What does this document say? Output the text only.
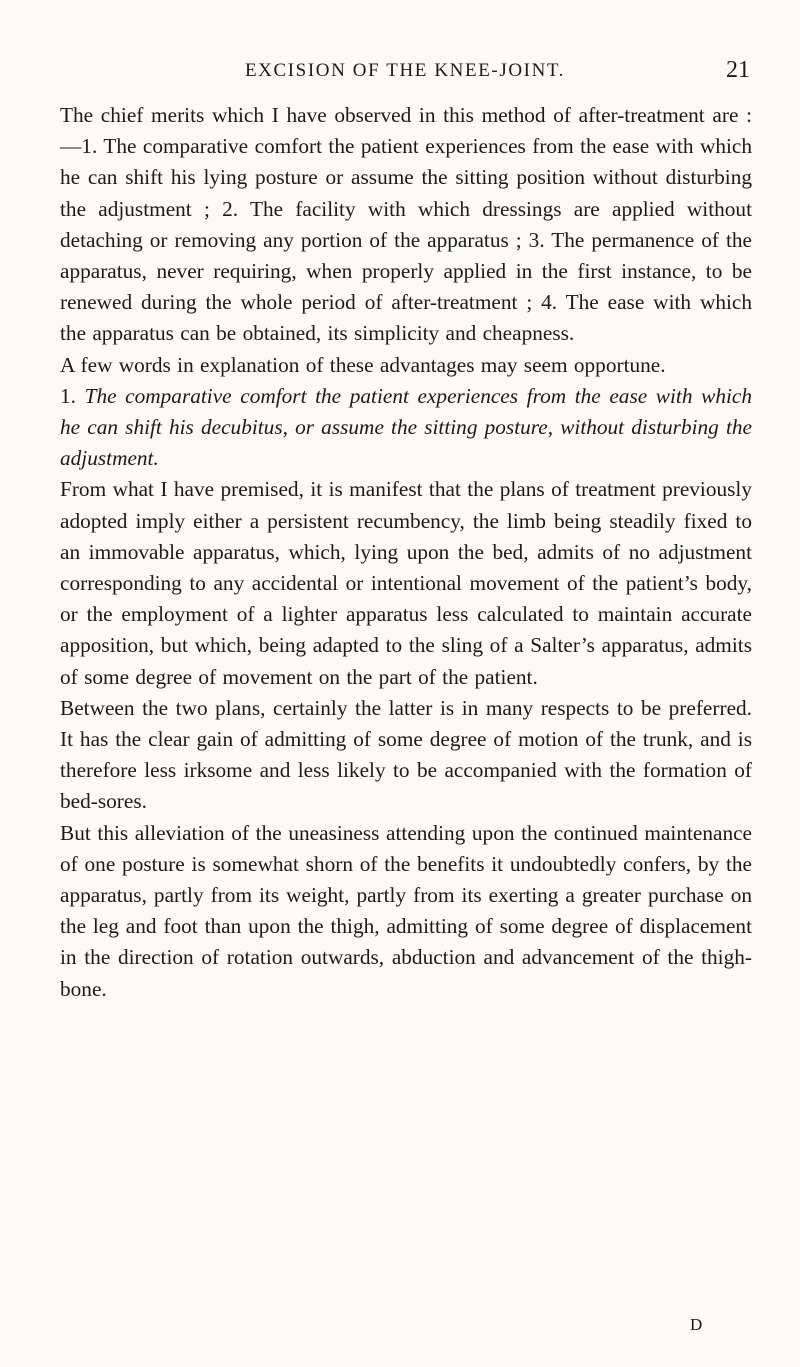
EXCISION OF THE KNEE-JOINT.	21

The chief merits which I have observed in this method of after-treatment are :—1. The comparative comfort the patient experiences from the ease with which he can shift his lying posture or assume the sitting position without disturbing the adjustment ; 2. The facility with which dressings are applied without detaching or removing any portion of the apparatus ; 3. The permanence of the apparatus, never requiring, when properly applied in the first instance, to be renewed during the whole period of after-treatment ; 4. The ease with which the apparatus can be obtained, its simplicity and cheapness.

A few words in explanation of these advantages may seem opportune.

1. The comparative comfort the patient experiences from the ease with which he can shift his decubitus, or assume the sitting posture, without disturbing the adjustment.

From what I have premised, it is manifest that the plans of treatment previously adopted imply either a persistent recumbency, the limb being steadily fixed to an immovable apparatus, which, lying upon the bed, admits of no adjustment corresponding to any accidental or intentional movement of the patient’s body, or the employment of a lighter apparatus less calculated to maintain accurate apposition, but which, being adapted to the sling of a Salter’s apparatus, admits of some degree of movement on the part of the patient.

Between the two plans, certainly the latter is in many respects to be preferred. It has the clear gain of admitting of some degree of motion of the trunk, and is therefore less irksome and less likely to be accompanied with the formation of bed-sores.

But this alleviation of the uneasiness attending upon the continued maintenance of one posture is somewhat shorn of the benefits it undoubtedly confers, by the apparatus, partly from its weight, partly from its exerting a greater purchase on the leg and foot than upon the thigh, admitting of some degree of displacement in the direction of rotation outwards, abduction and advancement of the thigh-bone.

D
